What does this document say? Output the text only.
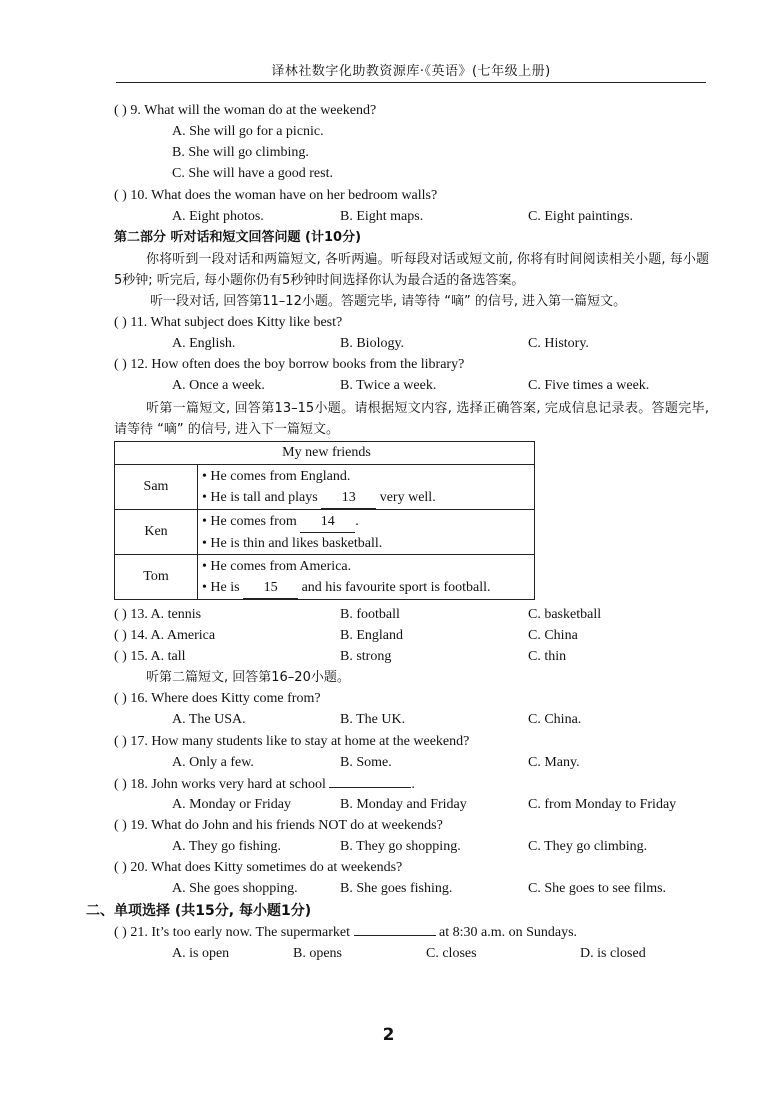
译林社数字化助教资源库·《英语》(七年级上册)
( ) 9. What will the woman do at the weekend?
A. She will go for a picnic.
B. She will go climbing.
C. She will have a good rest.
( ) 10. What does the woman have on her bedroom walls?
A. Eight photos.	B. Eight maps.	C. Eight paintings.
第二部分 听对话和短文回答问题 (计10分)
你将听到一段对话和两篇短文, 各听两遍。听每段对话或短文前, 你将有时间阅读相关小题, 每小题5秒钟; 听完后, 每小题你仍有5秒钟时间选择你认为最合适的备选答案。
听一段对话, 回答第11–12小题。答题完毕, 请等待 “嘀” 的信号, 进入第一篇短文。
( ) 11. What subject does Kitty like best?
A. English.	B. Biology.	C. History.
( ) 12. How often does the boy borrow books from the library?
A. Once a week.	B. Twice a week.	C. Five times a week.
听第一篇短文, 回答第13–15小题。请根据短文内容, 选择正确答案, 完成信息记录表。答题完毕, 请等待 “嘀” 的信号, 进入下一篇短文。
My new friends	
Sam	• He comes from England.
• He is tall and plays 13 very well.

Ken	• He comes from 14 .
• He is thin and likes basketball.

Tom	• He comes from America.
• He is 15 and his favourite sport is football.
( ) 13. A. tennis	B. football	C. basketball
( ) 14. A. America	B. England	C. China
( ) 15. A. tall	B. strong	C. thin
听第二篇短文, 回答第16–20小题。
( ) 16. Where does Kitty come from?
A. The USA.	B. The UK.	C. China.
( ) 17. How many students like to stay at home at the weekend?
A. Only a few.	B. Some.	C. Many.
( ) 18. John works very hard at school	.
A. Monday or Friday	B. Monday and Friday	C. from Monday to Friday
( ) 19. What do John and his friends NOT do at weekends?
A. They go fishing.	B. They go shopping.	C. They go climbing.
( ) 20. What does Kitty sometimes do at weekends?
A. She goes shopping.	B. She goes fishing.	C. She goes to see films.
二、单项选择 (共15分, 每小题1分)
( ) 21. It’s too early now. The supermarket	at 8:30 a.m. on Sundays.
A. is open	B. opens	C. closes	D. is closed
2
